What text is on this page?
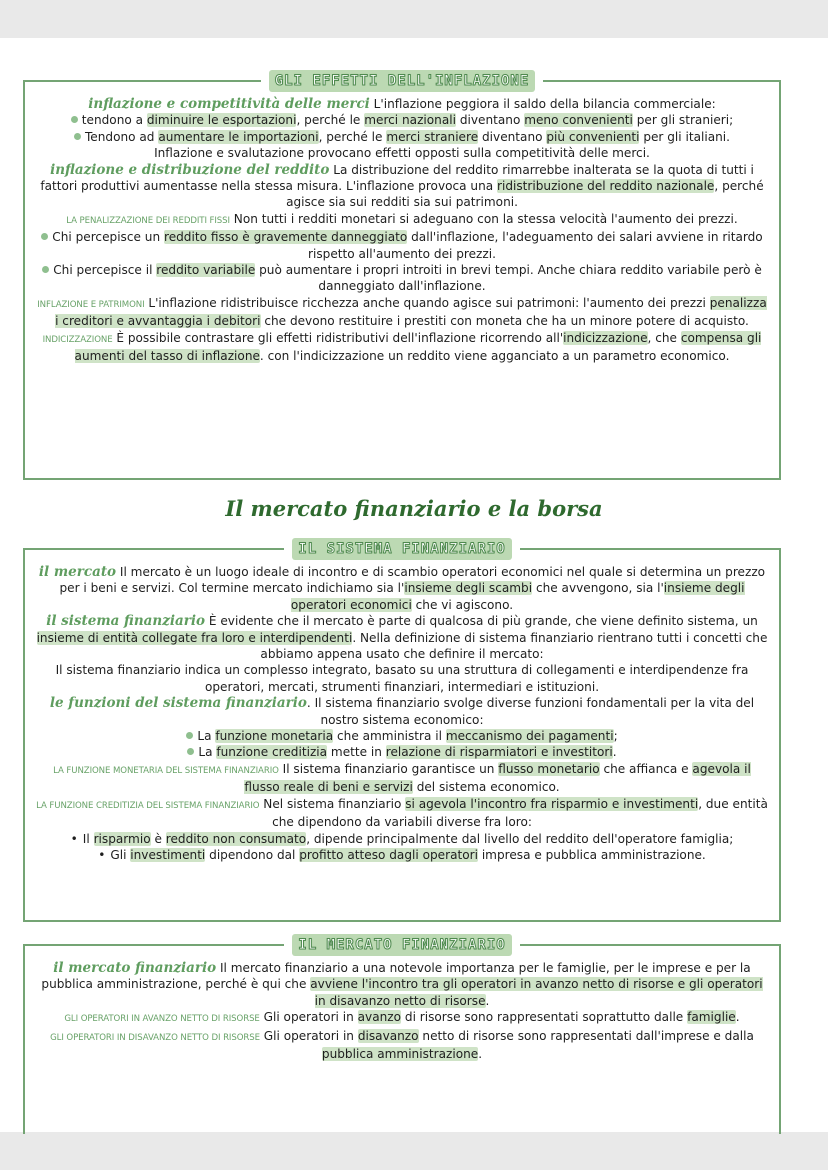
GLI EFFETTI DELL'INFLAZIONE

inflazione e competitività delle merci L'inflazione peggiora il saldo della bilancia commerciale:

tendono a diminuire le esportazioni, perché le merci nazionali diventano meno convenienti per gli stranieri;

Tendono ad aumentare le importazioni, perché le merci straniere diventano più convenienti per gli italiani.

Inflazione e svalutazione provocano effetti opposti sulla competitività delle merci.

inflazione e distribuzione del reddito La distribuzione del reddito rimarrebbe inalterata se la quota di tutti i fattori produttivi aumentasse nella stessa misura. L'inflazione provoca una ridistribuzione del reddito nazionale, perché agisce sia sui redditi sia sui patrimoni.

LA PENALIZZAZIONE DEI REDDITI FISSI Non tutti i redditi monetari si adeguano con la stessa velocità l'aumento dei prezzi.

Chi percepisce un reddito fisso è gravemente danneggiato dall'inflazione, l'adeguamento dei salari avviene in ritardo rispetto all'aumento dei prezzi.

Chi percepisce il reddito variabile può aumentare i propri introiti in brevi tempi. Anche chiara reddito variabile però è danneggiato dall'inflazione.

INFLAZIONE E PATRIMONI L'inflazione ridistribuisce ricchezza anche quando agisce sui patrimoni: l'aumento dei prezzi penalizza i creditori e avvantaggia i debitori che devono restituire i prestiti con moneta che ha un minore potere di acquisto.

INDICIZZAZIONE È possibile contrastare gli effetti ridistributivi dell'inflazione ricorrendo all'indicizzazione, che compensa gli aumenti del tasso di inflazione. con l'indicizzazione un reddito viene agganciato a un parametro economico.

Il mercato finanziario e la borsa
IL SISTEMA FINANZIARIO

il mercato Il mercato è un luogo ideale di incontro e di scambio operatori economici nel quale si determina un prezzo per i beni e servizi. Col termine mercato indichiamo sia l'insieme degli scambi che avvengono, sia l'insieme degli operatori economici che vi agiscono.

il sistema finanziario È evidente che il mercato è parte di qualcosa di più grande, che viene definito sistema, un insieme di entità collegate fra loro e interdipendenti. Nella definizione di sistema finanziario rientrano tutti i concetti che abbiamo appena usato che definire il mercato:

Il sistema finanziario indica un complesso integrato, basato su una struttura di collegamenti e interdipendenze fra operatori, mercati, strumenti finanziari, intermediari e istituzioni.

le funzioni del sistema finanziario. Il sistema finanziario svolge diverse funzioni fondamentali per la vita del nostro sistema economico:

La funzione monetaria che amministra il meccanismo dei pagamenti;

La funzione creditizia mette in relazione di risparmiatori e investitori.

LA FUNZIONE MONETARIA DEL SISTEMA FINANZIARIO Il sistema finanziario garantisce un flusso monetario che affianca e agevola il flusso reale di beni e servizi del sistema economico.

LA FUNZIONE CREDITIZIA DEL SISTEMA FINANZIARIO Nel sistema finanziario si agevola l'incontro fra risparmio e investimenti, due entità che dipendono da variabili diverse fra loro:

• Il risparmio è reddito non consumato, dipende principalmente dal livello del reddito dell'operatore famiglia;

• Gli investimenti dipendono dal profitto atteso dagli operatori impresa e pubblica amministrazione.

IL MERCATO FINANZIARIO

il mercato finanziario Il mercato finanziario a una notevole importanza per le famiglie, per le imprese e per la pubblica amministrazione, perché è qui che avviene l'incontro tra gli operatori in avanzo netto di risorse e gli operatori in disavanzo netto di risorse.

GLI OPERATORI IN AVANZO NETTO DI RISORSE Gli operatori in avanzo di risorse sono rappresentati soprattutto dalle famiglie.

GLI OPERATORI IN DISAVANZO NETTO DI RISORSE Gli operatori in disavanzo netto di risorse sono rappresentati dall'imprese e dalla pubblica amministrazione.
